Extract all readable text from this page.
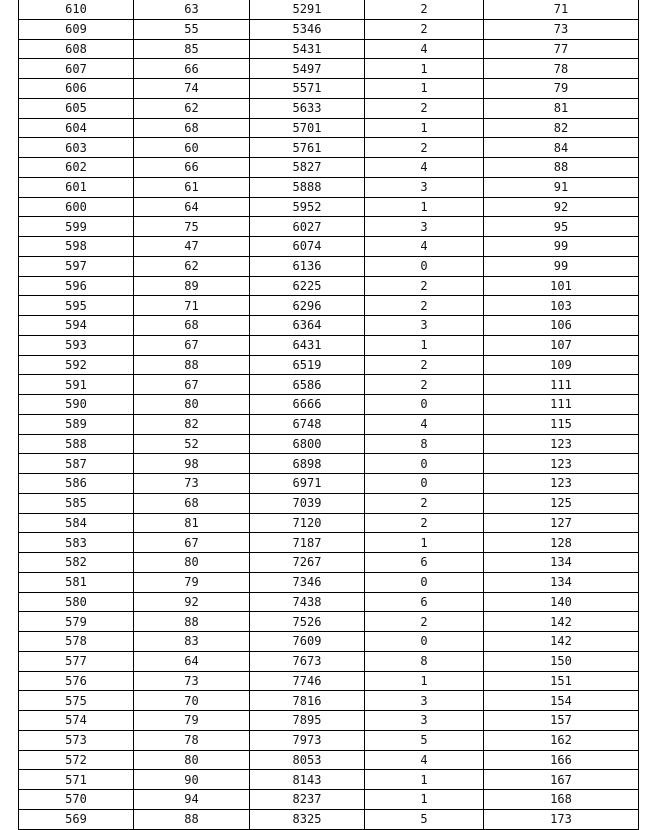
610	63	5291	2	71
609	55	5346	2	73
608	85	5431	4	77
607	66	5497	1	78
606	74	5571	1	79
605	62	5633	2	81
604	68	5701	1	82
603	60	5761	2	84
602	66	5827	4	88
601	61	5888	3	91
600	64	5952	1	92
599	75	6027	3	95
598	47	6074	4	99
597	62	6136	0	99
596	89	6225	2	101
595	71	6296	2	103
594	68	6364	3	106
593	67	6431	1	107
592	88	6519	2	109
591	67	6586	2	111
590	80	6666	0	111
589	82	6748	4	115
588	52	6800	8	123
587	98	6898	0	123
586	73	6971	0	123
585	68	7039	2	125
584	81	7120	2	127
583	67	7187	1	128
582	80	7267	6	134
581	79	7346	0	134
580	92	7438	6	140
579	88	7526	2	142
578	83	7609	0	142
577	64	7673	8	150
576	73	7746	1	151
575	70	7816	3	154
574	79	7895	3	157
573	78	7973	5	162
572	80	8053	4	166
571	90	8143	1	167
570	94	8237	1	168
569	88	8325	5	173
